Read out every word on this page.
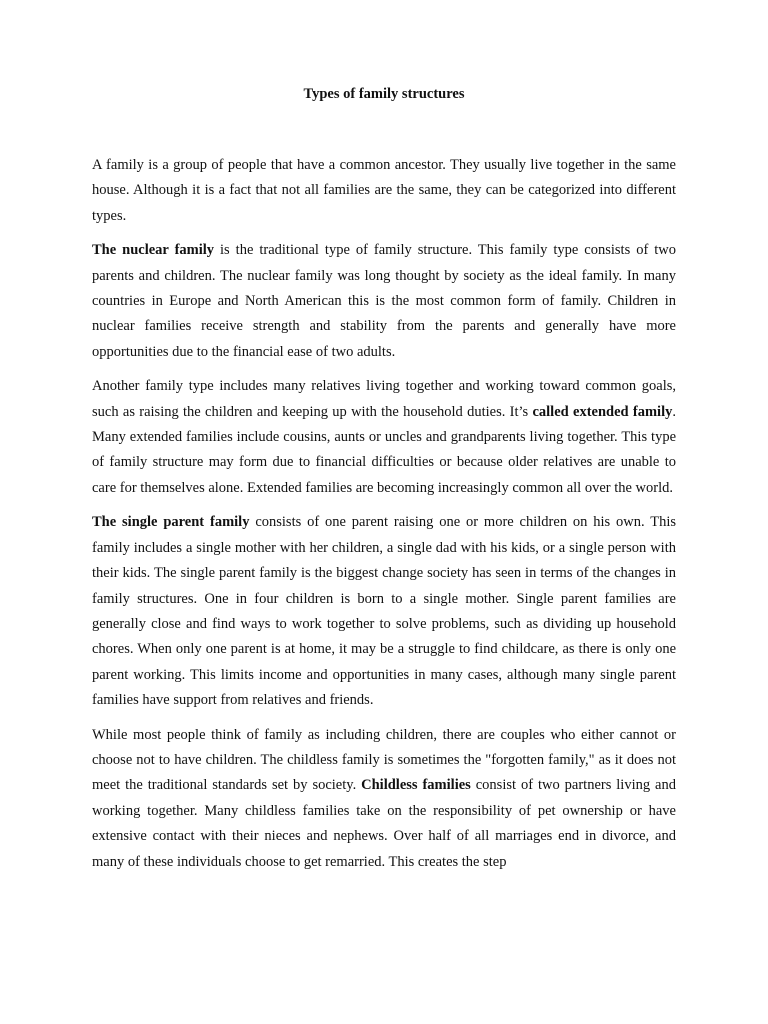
Types of family structures

A family is a group of people that have a common ancestor. They usually live together in the same house. Although it is a fact that not all families are the same, they can be categorized into different types.

The nuclear family is the traditional type of family structure. This family type consists of two parents and children. The nuclear family was long thought by society as the ideal family. In many countries in Europe and North American this is the most common form of family. Children in nuclear families receive strength and stability from the parents and generally have more opportunities due to the financial ease of two adults.

Another family type includes many relatives living together and working toward common goals, such as raising the children and keeping up with the household duties. It’s called extended family. Many extended families include cousins, aunts or uncles and grandparents living together. This type of family structure may form due to financial difficulties or because older relatives are unable to care for themselves alone. Extended families are becoming increasingly common all over the world.

The single parent family consists of one parent raising one or more children on his own. This family includes a single mother with her children, a single dad with his kids, or a single person with their kids. The single parent family is the biggest change society has seen in terms of the changes in family structures. One in four children is born to a single mother. Single parent families are generally close and find ways to work together to solve problems, such as dividing up household chores. When only one parent is at home, it may be a struggle to find childcare, as there is only one parent working. This limits income and opportunities in many cases, although many single parent families have support from relatives and friends.

While most people think of family as including children, there are couples who either cannot or choose not to have children. The childless family is sometimes the "forgotten family," as it does not meet the traditional standards set by society. Childless families consist of two partners living and working together. Many childless families take on the responsibility of pet ownership or have extensive contact with their nieces and nephews. Over half of all marriages end in divorce, and many of these individuals choose to get remarried. This creates the step
